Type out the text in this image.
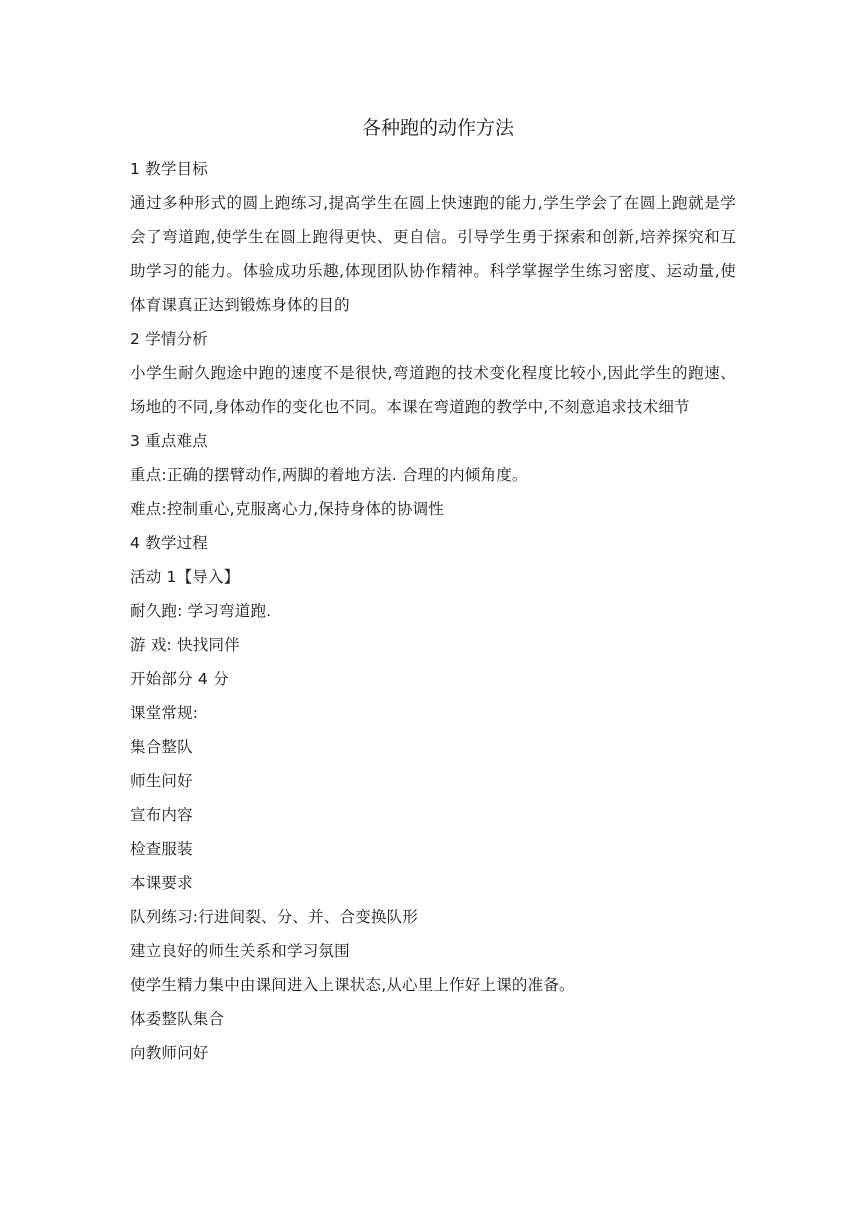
各种跑的动作方法

1 教学目标

通过多种形式的圆上跑练习,提高学生在圆上快速跑的能力,学生学会了在圆上跑就是学会了弯道跑,使学生在圆上跑得更快、更自信。引导学生勇于探索和创新,培养探究和互助学习的能力。体验成功乐趣,体现团队协作精神。科学掌握学生练习密度、运动量,使体育课真正达到锻炼身体的目的

2 学情分析

小学生耐久跑途中跑的速度不是很快,弯道跑的技术变化程度比较小,因此学生的跑速、场地的不同,身体动作的变化也不同。本课在弯道跑的教学中,不刻意追求技术细节

3 重点难点

重点:正确的摆臂动作,两脚的着地方法. 合理的内倾角度。

难点:控制重心,克服离心力,保持身体的协调性

4 教学过程

活动 1【导入】

耐久跑: 学习弯道跑.

游 戏: 快找同伴

开始部分 4 分

课堂常规:

集合整队

师生问好

宣布内容

检查服装

本课要求

队列练习:行进间裂、分、并、合变换队形

建立良好的师生关系和学习氛围

使学生精力集中由课间进入上课状态,从心里上作好上课的准备。

体委整队集合

向教师问好
